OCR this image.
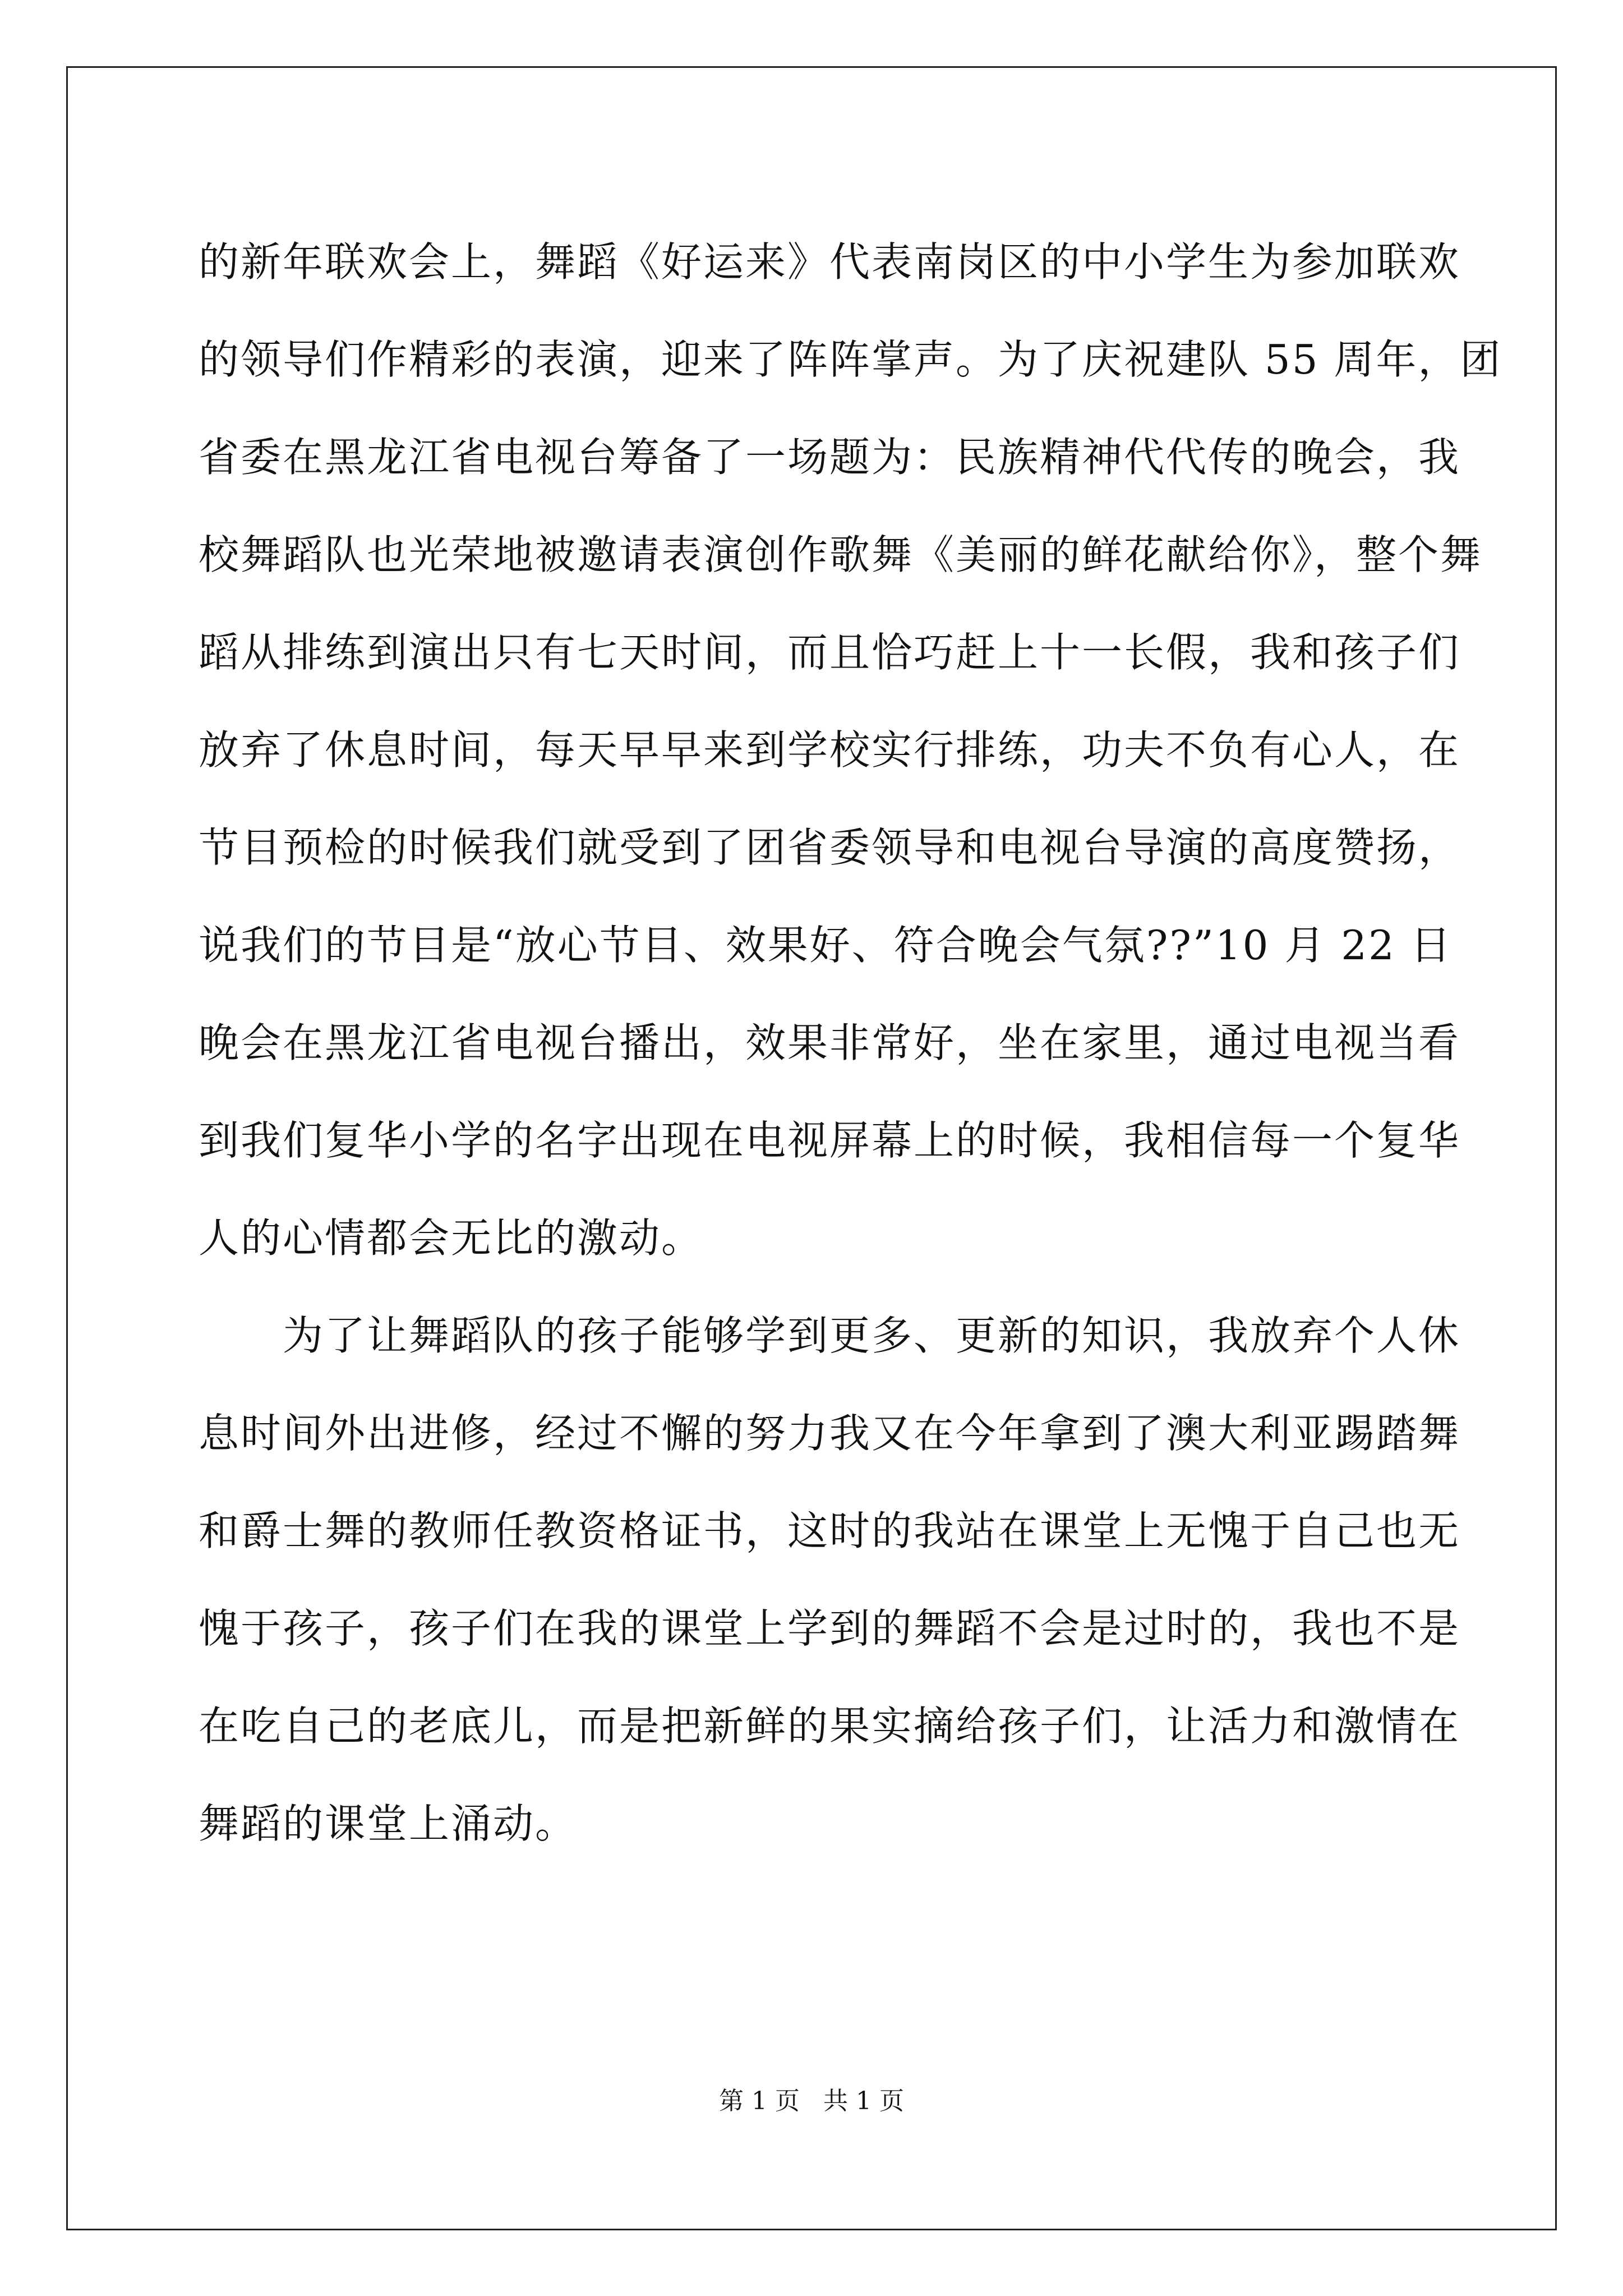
的新年联欢会上，舞蹈《好运来》代表南岗区的中小学生为参加联欢
的领导们作精彩的表演，迎来了阵阵掌声。为了庆祝建队 55 周年，团
省委在黑龙江省电视台筹备了一场题为：民族精神代代传的晚会，我
校舞蹈队也光荣地被邀请表演创作歌舞《美丽的鲜花献给你》，整个舞
蹈从排练到演出只有七天时间，而且恰巧赶上十一长假，我和孩子们
放弃了休息时间，每天早早来到学校实行排练，功夫不负有心人，在
节目预检的时候我们就受到了团省委领导和电视台导演的高度赞扬，
说我们的节目是“放心节目、效果好、符合晚会气氛??”10 月 22 日
晚会在黑龙江省电视台播出，效果非常好，坐在家里，通过电视当看
到我们复华小学的名字出现在电视屏幕上的时候，我相信每一个复华
人的心情都会无比的激动。

为了让舞蹈队的孩子能够学到更多、更新的知识，我放弃个人休
息时间外出进修，经过不懈的努力我又在今年拿到了澳大利亚踢踏舞
和爵士舞的教师任教资格证书，这时的我站在课堂上无愧于自己也无
愧于孩子，孩子们在我的课堂上学到的舞蹈不会是过时的，我也不是
在吃自己的老底儿，而是把新鲜的果实摘给孩子们，让活力和激情在
舞蹈的课堂上涌动。

第 1 页   共 1 页
